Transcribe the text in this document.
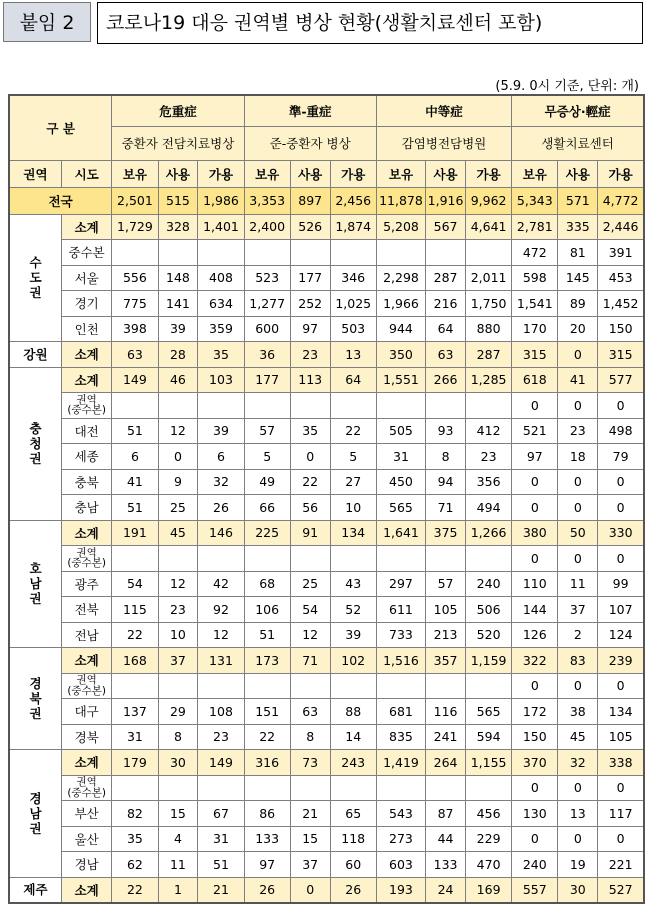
붙임 2	코로나19 대응 권역별 병상 현황(생활치료센터 포함)
(5.9. 0시 기준, 단위: 개)
구 분		危重症			準-重症			中等症			무증상·輕症		
		중환자 전담치료병상			준-중환자 병상			감염병전담병원			생활치료센터		
권역	시도	보유	사용	가용	보유	사용	가용	보유	사용	가용	보유	사용	가용
전국		2,501	515	1,986	3,353	897	2,456	11,878	1,916	9,962	5,343	571	4,772
수
도
권	소계	1,729	328	1,401	2,400	526	1,874	5,208	567	4,641	2,781	335	2,446
	중수본										472	81	391
	서울	556	148	408	523	177	346	2,298	287	2,011	598	145	453
	경기	775	141	634	1,277	252	1,025	1,966	216	1,750	1,541	89	1,452
	인천	398	39	359	600	97	503	944	64	880	170	20	150
강원	소계	63	28	35	36	23	13	350	63	287	315	0	315
충
청
권	소계	149	46	103	177	113	64	1,551	266	1,285	618	41	577
	권역
(중수본)										0	0	0
	대전	51	12	39	57	35	22	505	93	412	521	23	498
	세종	6	0	6	5	0	5	31	8	23	97	18	79
	충북	41	9	32	49	22	27	450	94	356	0	0	0
	충남	51	25	26	66	56	10	565	71	494	0	0	0
호
남
권	소계	191	45	146	225	91	134	1,641	375	1,266	380	50	330
	권역
(중수본)										0	0	0
	광주	54	12	42	68	25	43	297	57	240	110	11	99
	전북	115	23	92	106	54	52	611	105	506	144	37	107
	전남	22	10	12	51	12	39	733	213	520	126	2	124
경
북
권	소계	168	37	131	173	71	102	1,516	357	1,159	322	83	239
	권역
(중수본)										0	0	0
	대구	137	29	108	151	63	88	681	116	565	172	38	134
	경북	31	8	23	22	8	14	835	241	594	150	45	105
경
남
권	소계	179	30	149	316	73	243	1,419	264	1,155	370	32	338
	권역
(중수본)										0	0	0
	부산	82	15	67	86	21	65	543	87	456	130	13	117
	울산	35	4	31	133	15	118	273	44	229	0	0	0
	경남	62	11	51	97	37	60	603	133	470	240	19	221
제주	소계	22	1	21	26	0	26	193	24	169	557	30	527
